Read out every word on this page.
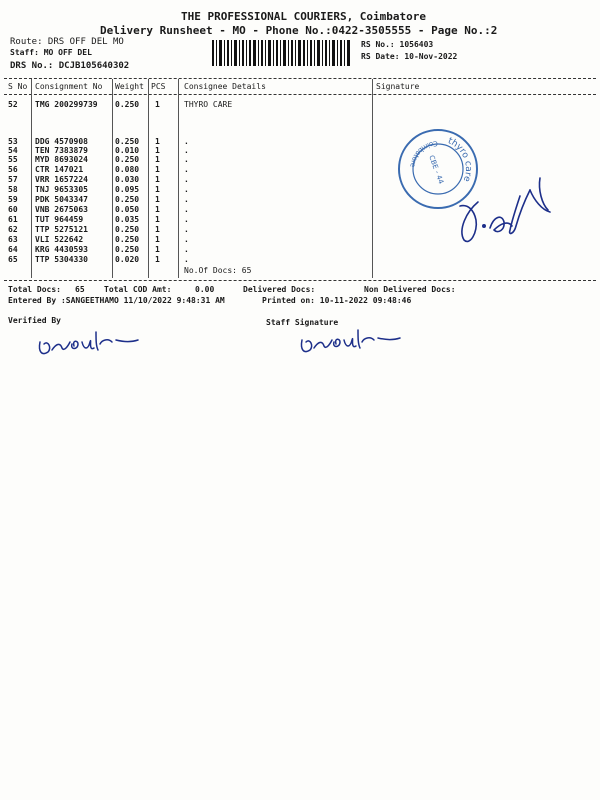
THE PROFESSIONAL COURIERS, Coimbatore
Delivery Runsheet - MO - Phone No.:0422-3505555 - Page No.:2
Route: DRS OFF DEL MO
Staff: MO OFF DEL
DRS No.: DCJB105640302
RS No.: 1056403
RS Date: 10-Nov-2022
S No Consignment No Weight PCS Consignee Details	Signature
52 TMG 200299739 0.250 1	THYRO CARE
53 DDG 4570908	0.250 1	.
54 TEN 7383879	0.010 1	.
55 MYD 8693024	0.250 1	.
56 CTR 147021	0.080 1	.
57 VRR 1657224	0.030 1	.
58 TNJ 9653305	0.095 1	.
59 PDK 5043347	0.250 1	.
60 VNB 2675063	0.050 1	.
61 TUT 964459	0.035 1	.
62 TTP 5275121	0.250 1	.
63 VLI 522642	0.250 1	.
64 KRG 4430593	0.250 1	.
65 TTP 5304330	0.020 1	.
No.Of Docs: 65
thyro care
Coimbatore	CBE - 44
Total Docs: 65 Total COD Amt:	0.00	Delivered Docs:	Non Delivered Docs:
Entered By :SANGEETHAMO 11/10/2022 9:48:31 AM	Printed on: 10-11-2022 09:48:46
Verified By	Staff Signature
